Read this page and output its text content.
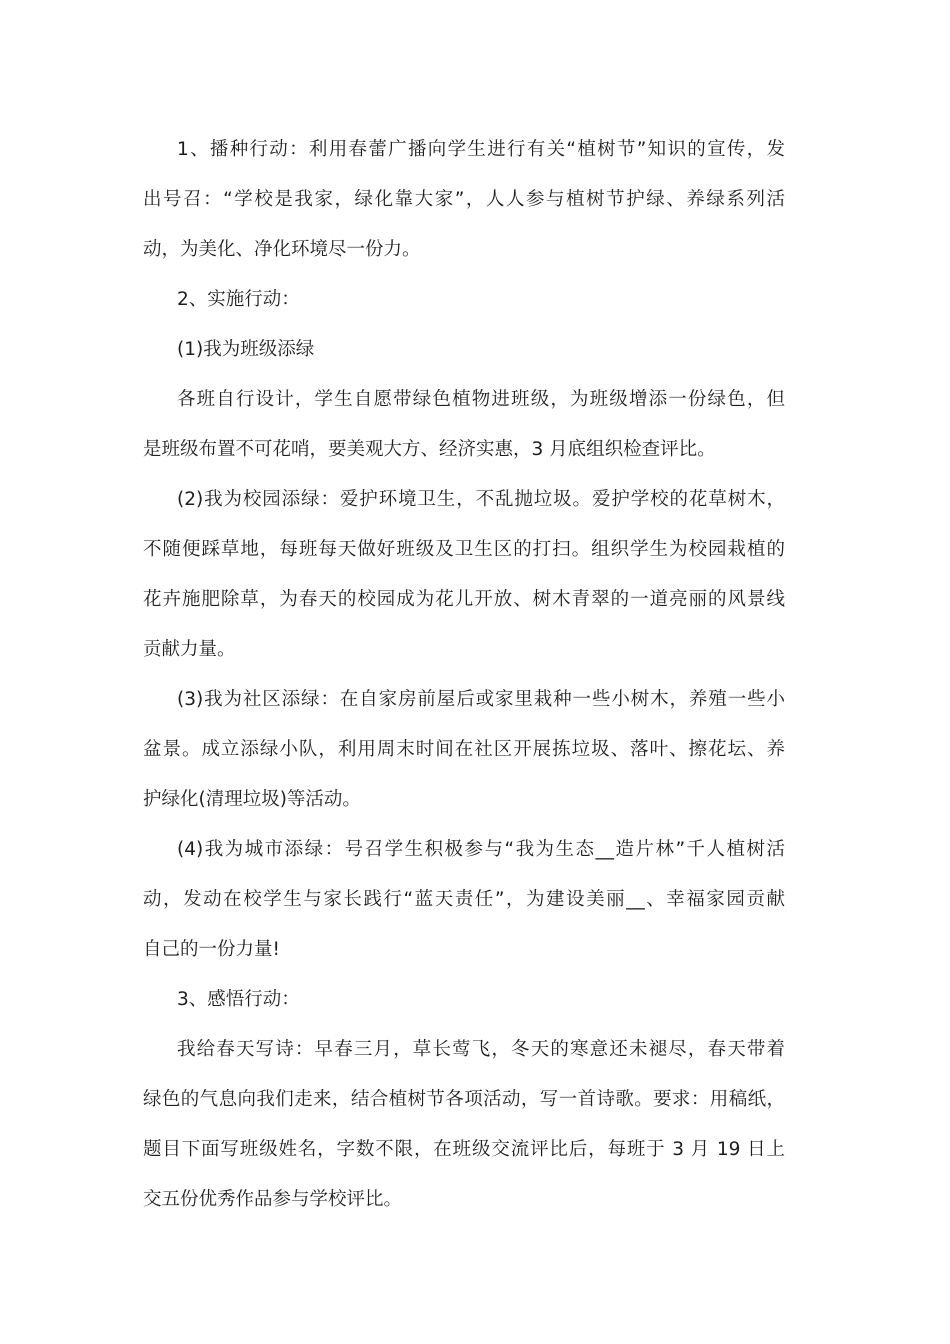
1、播种行动：利用春蕾广播向学生进行有关“植树节”知识的宣传，发
出号召：“学校是我家，绿化靠大家”，人人参与植树节护绿、养绿系列活
动，为美化、净化环境尽一份力。
2、实施行动：
(1)我为班级添绿
各班自行设计，学生自愿带绿色植物进班级，为班级增添一份绿色，但
是班级布置不可花哨，要美观大方、经济实惠，3 月底组织检查评比。
(2)我为校园添绿：爱护环境卫生，不乱抛垃圾。爱护学校的花草树木，
不随便踩草地，每班每天做好班级及卫生区的打扫。组织学生为校园栽植的
花卉施肥除草，为春天的校园成为花儿开放、树木青翠的一道亮丽的风景线
贡献力量。
(3)我为社区添绿：在自家房前屋后或家里栽种一些小树木，养殖一些小
盆景。成立添绿小队，利用周末时间在社区开展拣垃圾、落叶、擦花坛、养
护绿化(清理垃圾)等活动。
(4)我为城市添绿：号召学生积极参与“我为生态__造片林”千人植树活
动，发动在校学生与家长践行“蓝天责任”，为建设美丽__、幸福家园贡献
自己的一份力量!
3、感悟行动：
我给春天写诗：早春三月，草长莺飞，冬天的寒意还未褪尽，春天带着
绿色的气息向我们走来，结合植树节各项活动，写一首诗歌。要求：用稿纸，
题目下面写班级姓名，字数不限，在班级交流评比后，每班于 3 月 19 日上
交五份优秀作品参与学校评比。
